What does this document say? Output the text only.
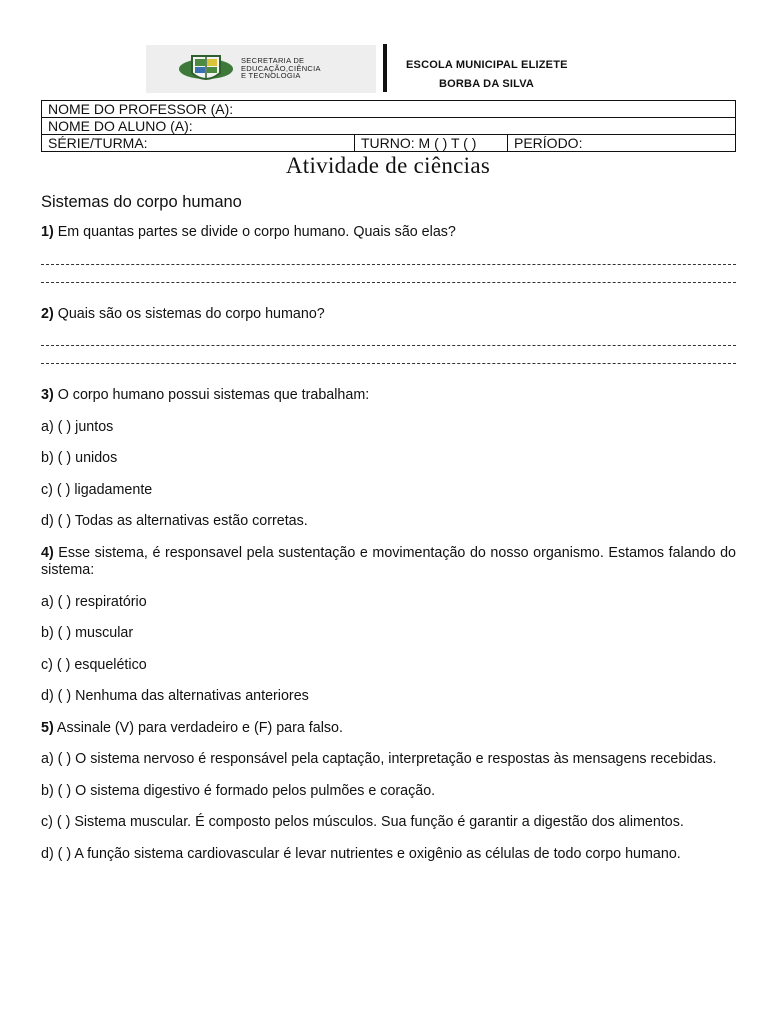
SECRETARIA DE
EDUCAÇÃO,CIÊNCIA
E TECNOLOGIA
ESCOLA MUNICIPAL ELIZETE
BORBA DA SILVA
NOME DO PROFESSOR (A):
NOME DO ALUNO (A):
SÉRIE/TURMA:	TURNO: M ( ) T ( )	PERÍODO:
Atividade de ciências

Sistemas do corpo humano

1) Em quantas partes se divide o corpo humano. Quais são elas?

2) Quais são os sistemas do corpo humano?

3) O corpo humano possui sistemas que trabalham:

a) ( ) juntos

b) ( ) unidos

c) ( ) ligadamente

d) ( ) Todas as alternativas estão corretas.

4) Esse sistema, é responsavel pela sustentação e movimentação do nosso organismo. Estamos falando do sistema:

a) ( ) respiratório

b) ( ) muscular

c) ( ) esquelético

d) ( ) Nenhuma das alternativas anteriores

5) Assinale (V) para verdadeiro e (F) para falso.

a) ( ) O sistema nervoso é responsável pela captação, interpretação e respostas às mensagens recebidas.

b) ( ) O sistema digestivo é formado pelos pulmões e coração.

c) ( ) Sistema muscular. É composto pelos músculos. Sua função é garantir a digestão dos alimentos.

d) ( ) A função sistema cardiovascular é levar nutrientes e oxigênio as células de todo corpo humano.
